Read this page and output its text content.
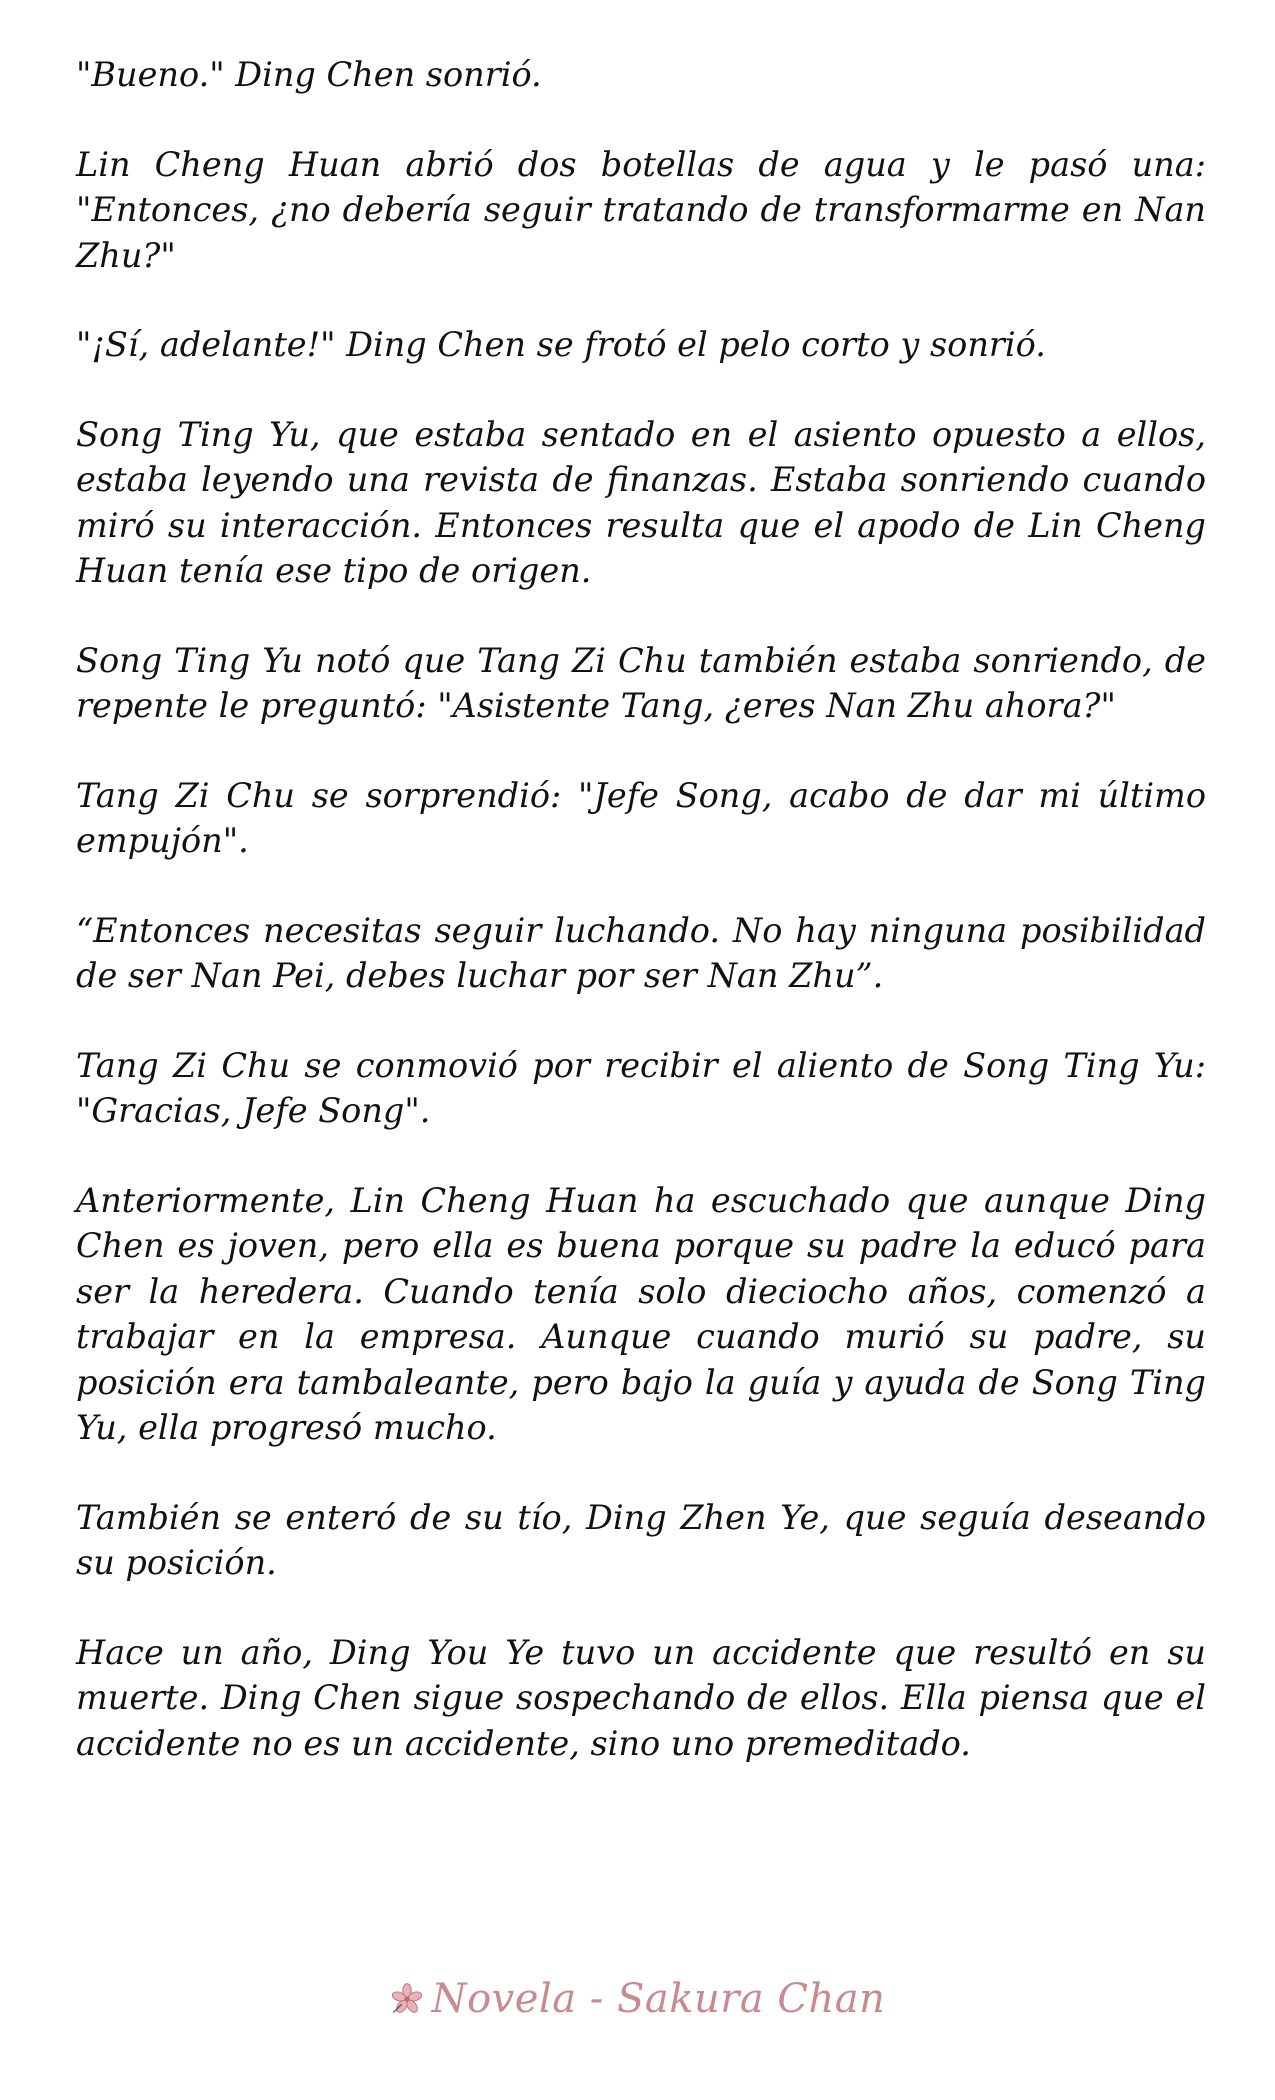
"Bueno." Ding Chen sonrió.

Lin Cheng Huan abrió dos botellas de agua y le pasó una: "Entonces, ¿no debería seguir tratando de transformarme en Nan Zhu?"

"¡Sí, adelante!" Ding Chen se frotó el pelo corto y sonrió.

Song Ting Yu, que estaba sentado en el asiento opuesto a ellos, estaba leyendo una revista de finanzas. Estaba sonriendo cuando miró su interacción. Entonces resulta que el apodo de Lin Cheng Huan tenía ese tipo de origen.

Song Ting Yu notó que Tang Zi Chu también estaba sonriendo, de repente le preguntó: "Asistente Tang, ¿eres Nan Zhu ahora?"

Tang Zi Chu se sorprendió: "Jefe Song, acabo de dar mi último empujón".

“Entonces necesitas seguir luchando. No hay ninguna posibilidad de ser Nan Pei, debes luchar por ser Nan Zhu”.

Tang Zi Chu se conmovió por recibir el aliento de Song Ting Yu: "Gracias, Jefe Song".

Anteriormente, Lin Cheng Huan ha escuchado que aunque Ding Chen es joven, pero ella es buena porque su padre la educó para ser la heredera. Cuando tenía solo dieciocho años, comenzó a trabajar en la empresa. Aunque cuando murió su padre, su posición era tambaleante, pero bajo la guía y ayuda de Song Ting Yu, ella progresó mucho.

También se enteró de su tío, Ding Zhen Ye, que seguía deseando su posición.

Hace un año, Ding You Ye tuvo un accidente que resultó en su muerte. Ding Chen sigue sospechando de ellos. Ella piensa que el accidente no es un accidente, sino uno premeditado.

Novela - Sakura Chan
